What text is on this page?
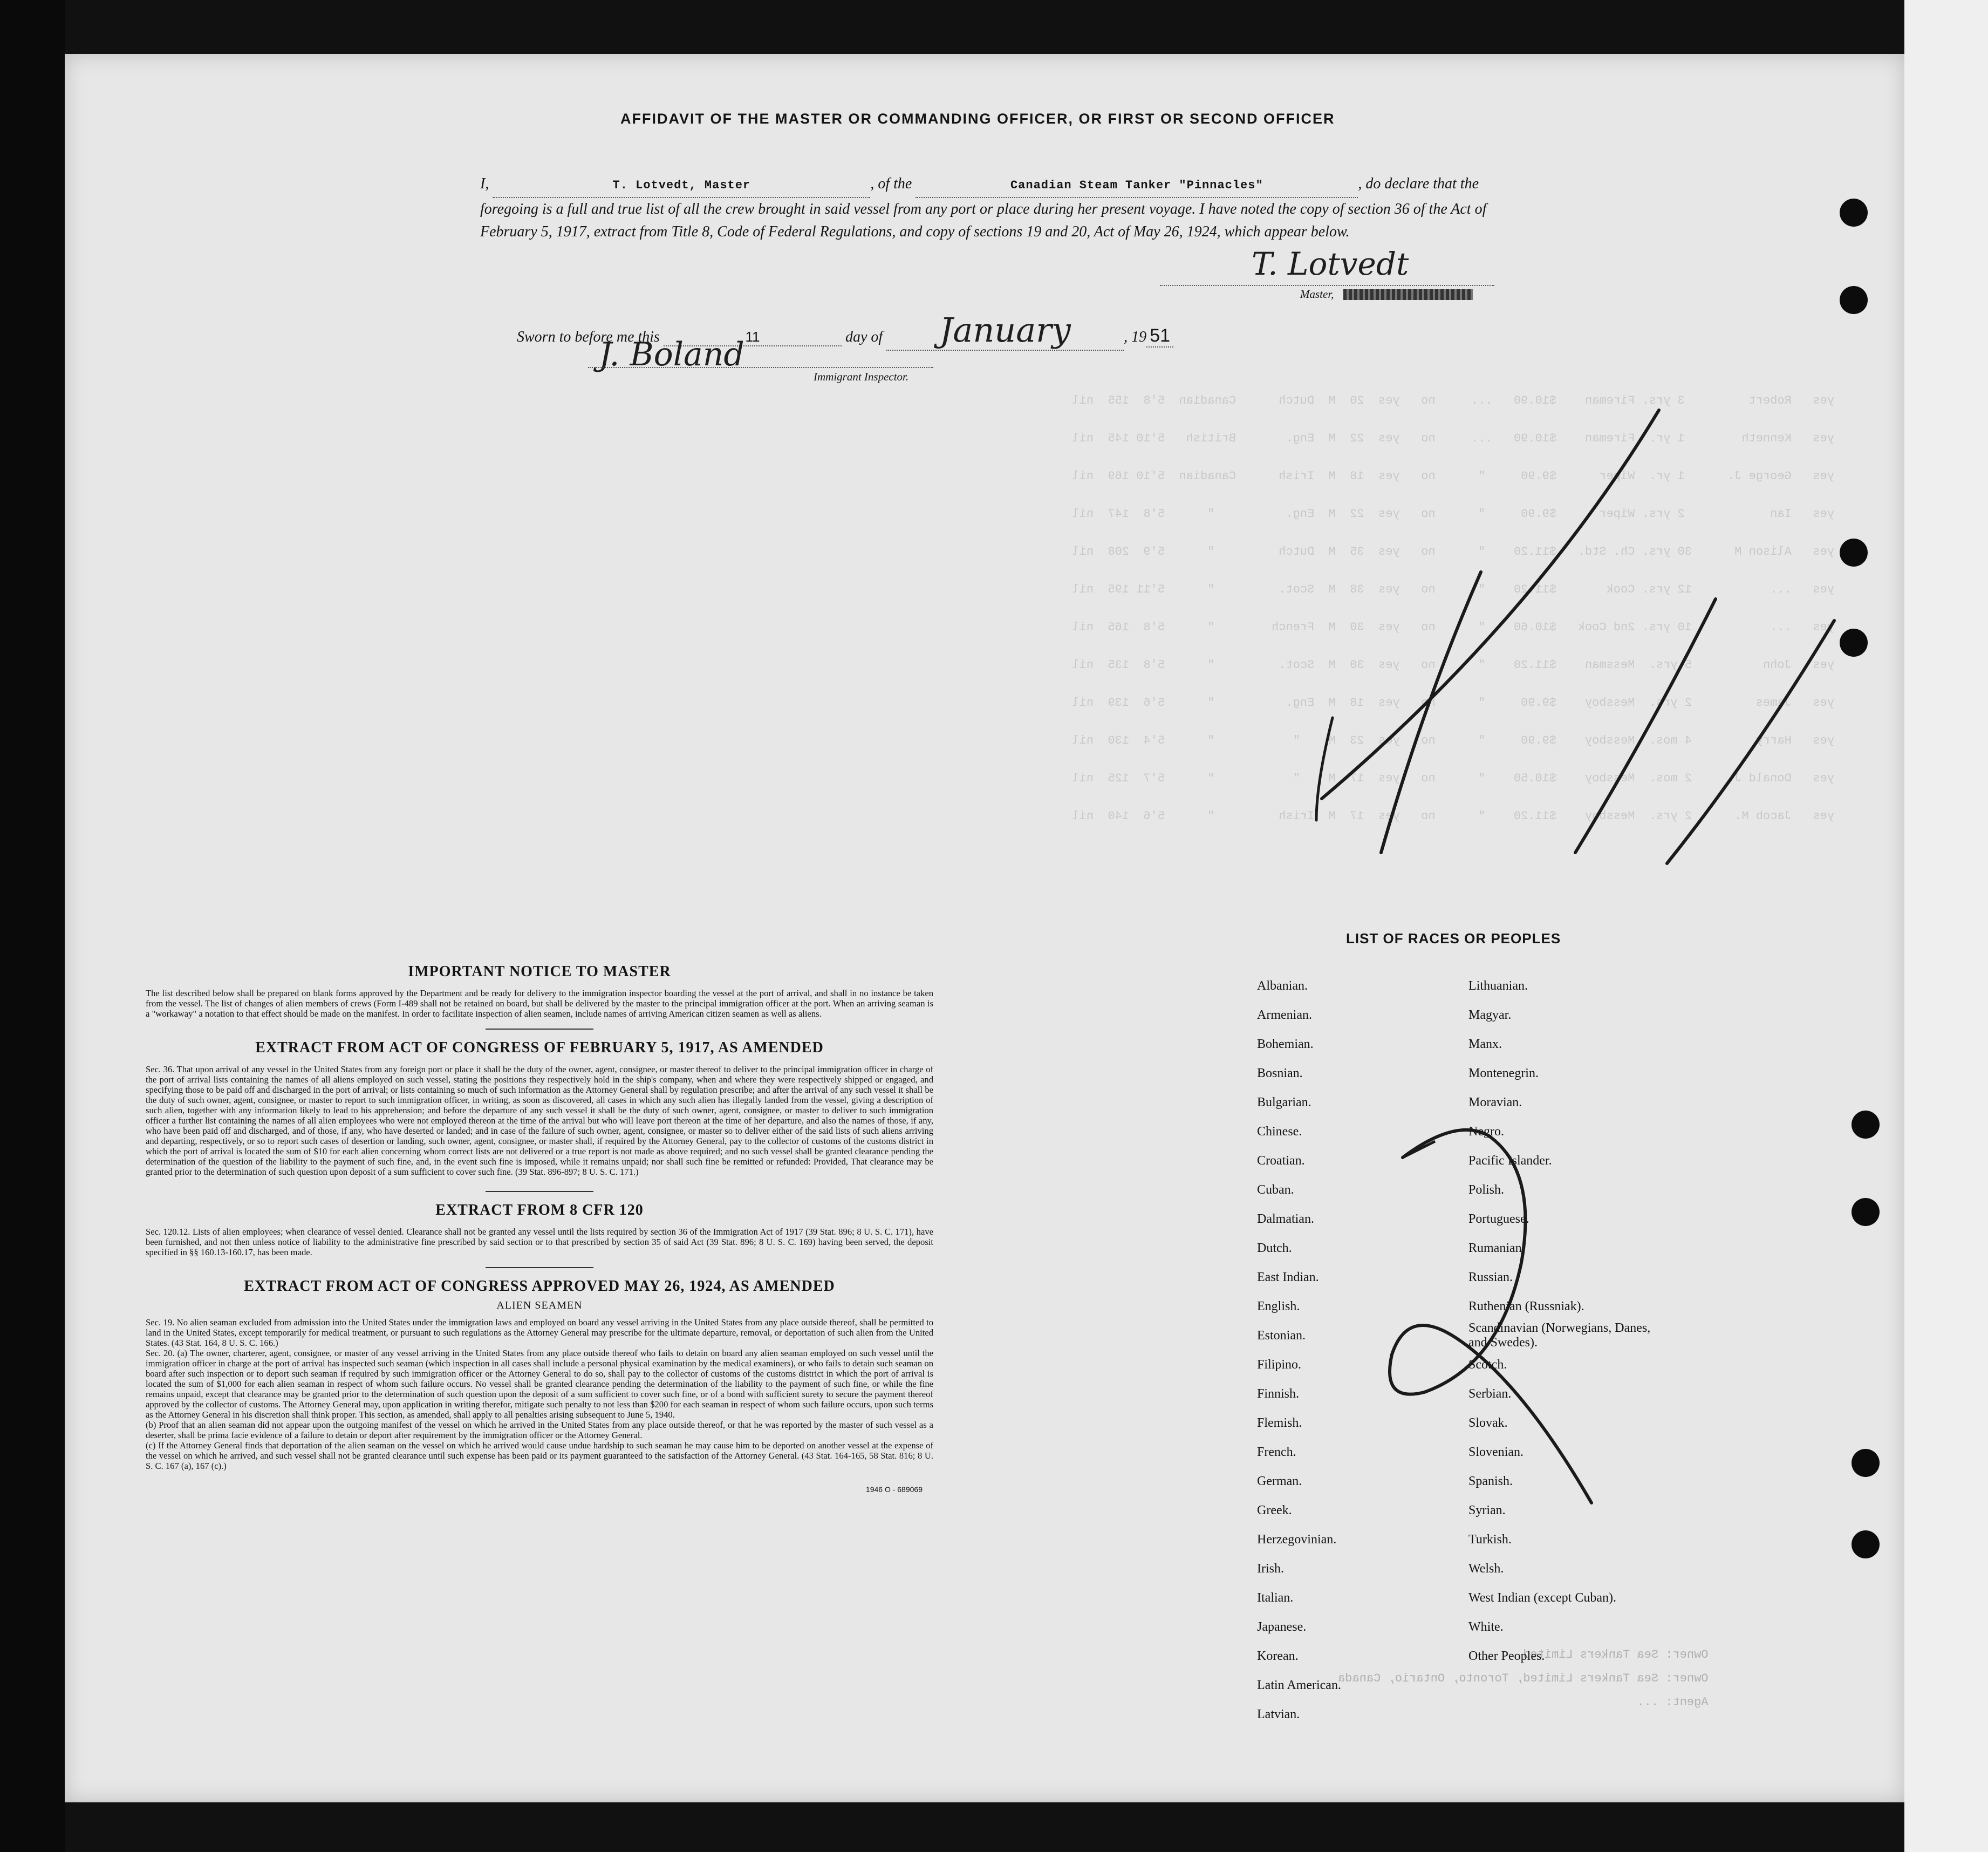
yes   Robert         3 yrs. Fireman    $10.90   ...     no   yes  20  M  Dutch      Canadian  5'8  155  nil
yes   Kenneth        1 yr.  Fireman    $10.90   ...     no   yes  22  M  Eng.       British   5'10 145  nil
yes   George J.      1 yr.  Wiper      $9.90     "      no   yes  18  M  Irish      Canadian  5'10 169  nil
yes   Ian            2 yrs. Wiper      $9.90     "      no   yes  22  M  Eng.          "      5'8  147  nil
yes   Alison M      30 yrs. Ch. Std.   $11.20    "      no   yes  35  M  Dutch         "      5'9  208  nil
yes   ...           12 yrs. Cook       $11.20    "      no   yes  38  M  Scot.         "      5'11 195  nil
yes   ...           10 yrs. 2nd Cook   $10.60    "      no   yes  30  M  French        "      5'8  165  nil
yes   John          5 yrs.  Messman    $11.20    "      no   yes  30  M  Scot.         "      5'8  135  nil
yes   James         2 yrs.  Messboy    $9.90     "      no   yes  18  M  Eng.          "      5'6  139  nil
yes   Harry         4 mos.  Messboy    $9.90     "      no   yes  23  M    "           "      5'4  130  nil
yes   Donald J.     2 mos.  Messboy    $10.50    "      no   yes  17  M    "           "      5'7  125  nil
yes   Jacob M.      2 yrs.  Messboy    $11.20    "      no   yes  17  M  Irish         "      5'6  140  nil
Owner: Sea Tankers Limited
Owner: Sea Tankers Limited, Toronto, Ontario, Canada
Agent: ...
AFFIDAVIT OF THE MASTER OR COMMANDING OFFICER, OR FIRST OR SECOND OFFICER
I,	T. Lotvedt, Master	, of the	Canadian Steam Tanker "Pinnacles"	, do declare that the foregoing is a full and true list of all the crew brought in said vessel from any port or place during her present voyage. I have noted the copy of section 36 of the Act of February 5, 1917, extract from Title 8, Code of Federal Regulations, and copy of sections 19 and 20, Act of May 26, 1924, which appear below.
T. Lotvedt
Master,
Sworn to before me this	11	day of January	, 19 51
J. Boland
Immigrant Inspector.
IMPORTANT NOTICE TO MASTER

The list described below shall be prepared on blank forms approved by the Department and be ready for delivery to the immigration inspector boarding the vessel at the port of arrival, and shall in no instance be taken from the vessel. The list of changes of alien members of crews (Form I-489 shall not be retained on board, but shall be delivered by the master to the principal immigration officer at the port. When an arriving seaman is a "workaway" a notation to that effect should be made on the manifest. In order to facilitate inspection of alien seamen, include names of arriving American citizen seamen as well as aliens.

EXTRACT FROM ACT OF CONGRESS OF FEBRUARY 5, 1917, AS AMENDED

Sec. 36. That upon arrival of any vessel in the United States from any foreign port or place it shall be the duty of the owner, agent, consignee, or master thereof to deliver to the principal immigration officer in charge of the port of arrival lists containing the names of all aliens employed on such vessel, stating the positions they respectively hold in the ship's company, when and where they were respectively shipped or engaged, and specifying those to be paid off and discharged in the port of arrival; or lists containing so much of such information as the Attorney General shall by regulation prescribe; and after the arrival of any such vessel it shall be the duty of such owner, agent, consignee, or master to report to such immigration officer, in writing, as soon as discovered, all cases in which any such alien has illegally landed from the vessel, giving a description of such alien, together with any information likely to lead to his apprehension; and before the departure of any such vessel it shall be the duty of such owner, agent, consignee, or master to deliver to such immigration officer a further list containing the names of all alien employees who were not employed thereon at the time of the arrival but who will leave port thereon at the time of her departure, and also the names of those, if any, who have been paid off and discharged, and of those, if any, who have deserted or landed; and in case of the failure of such owner, agent, consignee, or master so to deliver either of the said lists of such aliens arriving and departing, respectively, or so to report such cases of desertion or landing, such owner, agent, consignee, or master shall, if required by the Attorney General, pay to the collector of customs of the customs district in which the port of arrival is located the sum of $10 for each alien concerning whom correct lists are not delivered or a true report is not made as above required; and no such vessel shall be granted clearance pending the determination of the question of the liability to the payment of such fine, and, in the event such fine is imposed, while it remains unpaid; nor shall such fine be remitted or refunded: Provided, That clearance may be granted prior to the determination of such question upon deposit of a sum sufficient to cover such fine. (39 Stat. 896-897; 8 U. S. C. 171.)

EXTRACT FROM 8 CFR 120

Sec. 120.12. Lists of alien employees; when clearance of vessel denied. Clearance shall not be granted any vessel until the lists required by section 36 of the Immigration Act of 1917 (39 Stat. 896; 8 U. S. C. 171), have been furnished, and not then unless notice of liability to the administrative fine prescribed by said section or to that prescribed by section 35 of said Act (39 Stat. 896; 8 U. S. C. 169) having been served, the deposit specified in §§ 160.13-160.17, has been made.

EXTRACT FROM ACT OF CONGRESS APPROVED MAY 26, 1924, AS AMENDED
ALIEN SEAMEN

Sec. 19. No alien seaman excluded from admission into the United States under the immigration laws and employed on board any vessel arriving in the United States from any place outside thereof, shall be permitted to land in the United States, except temporarily for medical treatment, or pursuant to such regulations as the Attorney General may prescribe for the ultimate departure, removal, or deportation of such alien from the United States. (43 Stat. 164, 8 U. S. C. 166.)

Sec. 20. (a) The owner, charterer, agent, consignee, or master of any vessel arriving in the United States from any place outside thereof who fails to detain on board any alien seaman employed on such vessel until the immigration officer in charge at the port of arrival has inspected such seaman (which inspection in all cases shall include a personal physical examination by the medical examiners), or who fails to detain such seaman on board after such inspection or to deport such seaman if required by such immigration officer or the Attorney General to do so, shall pay to the collector of customs of the customs district in which the port of arrival is located the sum of $1,000 for each alien seaman in respect of whom such failure occurs. No vessel shall be granted clearance pending the determination of the liability to the payment of such fine, or while the fine remains unpaid, except that clearance may be granted prior to the determination of such question upon the deposit of a sum sufficient to cover such fine, or of a bond with sufficient surety to secure the payment thereof approved by the collector of customs. The Attorney General may, upon application in writing therefor, mitigate such penalty to not less than $200 for each seaman in respect of whom such failure occurs, upon such terms as the Attorney General in his discretion shall think proper. This section, as amended, shall apply to all penalties arising subsequent to June 5, 1940.

(b) Proof that an alien seaman did not appear upon the outgoing manifest of the vessel on which he arrived in the United States from any place outside thereof, or that he was reported by the master of such vessel as a deserter, shall be prima facie evidence of a failure to detain or deport after requirement by the immigration officer or the Attorney General.

(c) If the Attorney General finds that deportation of the alien seaman on the vessel on which he arrived would cause undue hardship to such seaman he may cause him to be deported on another vessel at the expense of the vessel on which he arrived, and such vessel shall not be granted clearance until such expense has been paid or its payment guaranteed to the satisfaction of the Attorney General. (43 Stat. 164-165, 58 Stat. 816; 8 U. S. C. 167 (a), 167 (c).)

1946 O - 689069
LIST OF RACES OR PEOPLES
Albanian.
Armenian.
Bohemian.
Bosnian.
Bulgarian.
Chinese.
Croatian.
Cuban.
Dalmatian.
Dutch.
East Indian.
English.
Estonian.
Filipino.
Finnish.
Flemish.
French.
German.
Greek.
Herzegovinian.
Irish.
Italian.
Japanese.
Korean.
Latin American.
Latvian.
Lithuanian.
Magyar.
Manx.
Montenegrin.
Moravian.
Negro.
Pacific Islander.
Polish.
Portuguese.
Rumanian.
Russian.
Ruthenian (Russniak).
Scandinavian (Norwegians, Danes, and Swedes).
Scotch.
Serbian.
Slovak.
Slovenian.
Spanish.
Syrian.
Turkish.
Welsh.
West Indian (except Cuban).
White.
Other Peoples.
